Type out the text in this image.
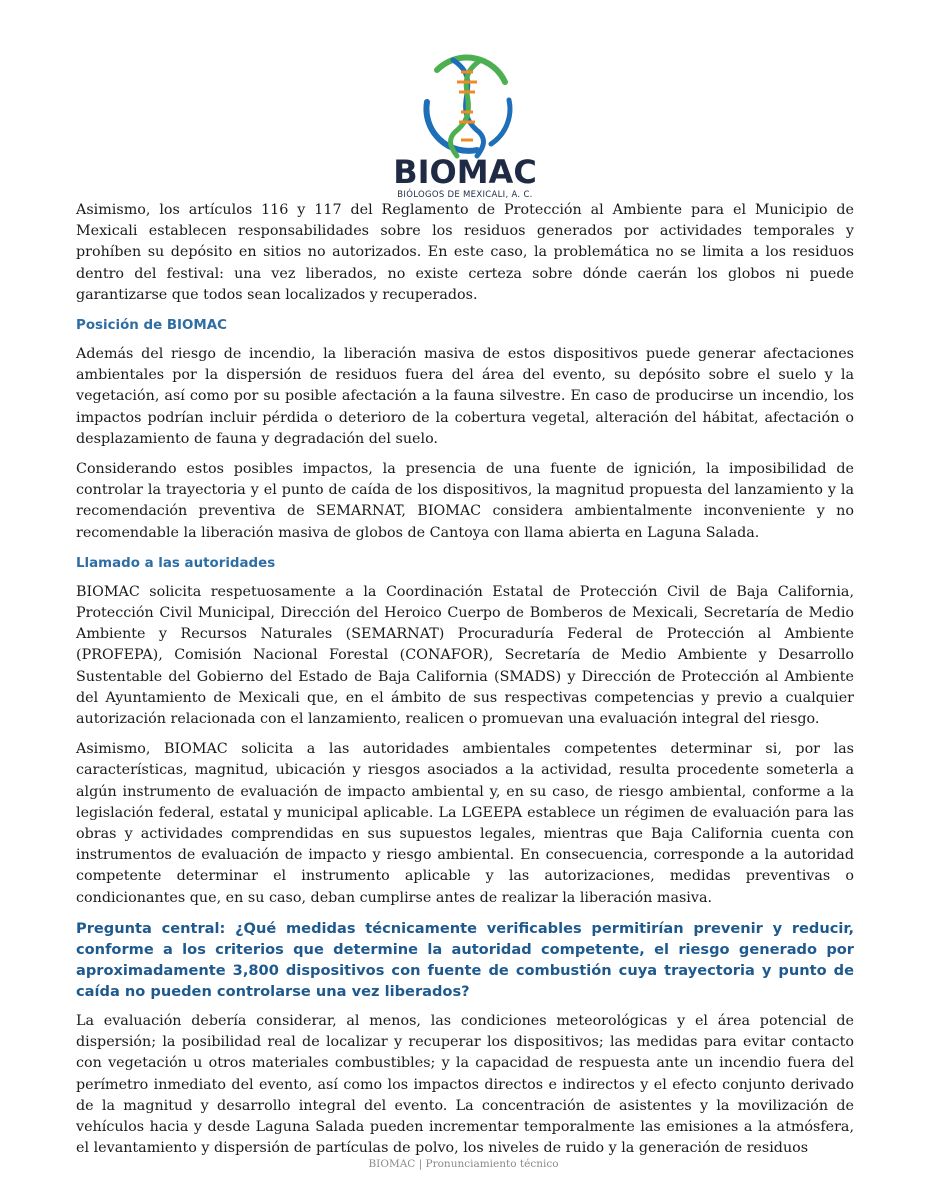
BIOMAC
BIÓLOGOS DE MEXICALI, A. C.

Asimismo, los artículos 116 y 117 del Reglamento de Protección al Ambiente para el Municipio de Mexicali establecen responsabilidades sobre los residuos generados por actividades temporales y prohíben su depósito en sitios no autorizados. En este caso, la problemática no se limita a los residuos dentro del festival: una vez liberados, no existe certeza sobre dónde caerán los globos ni puede garantizarse que todos sean localizados y recuperados.

Posición de BIOMAC

Además del riesgo de incendio, la liberación masiva de estos dispositivos puede generar afectaciones ambientales por la dispersión de residuos fuera del área del evento, su depósito sobre el suelo y la vegetación, así como por su posible afectación a la fauna silvestre. En caso de producirse un incendio, los impactos podrían incluir pérdida o deterioro de la cobertura vegetal, alteración del hábitat, afectación o desplazamiento de fauna y degradación del suelo.

Considerando estos posibles impactos, la presencia de una fuente de ignición, la imposibilidad de controlar la trayectoria y el punto de caída de los dispositivos, la magnitud propuesta del lanzamiento y la recomendación preventiva de SEMARNAT, BIOMAC considera ambientalmente inconveniente y no recomendable la liberación masiva de globos de Cantoya con llama abierta en Laguna Salada.

Llamado a las autoridades

BIOMAC solicita respetuosamente a la Coordinación Estatal de Protección Civil de Baja California, Protección Civil Municipal, Dirección del Heroico Cuerpo de Bomberos de Mexicali, Secretaría de Medio Ambiente y Recursos Naturales (SEMARNAT) Procuraduría Federal de Protección al Ambiente (PROFEPA), Comisión Nacional Forestal (CONAFOR), Secretaría de Medio Ambiente y Desarrollo Sustentable del Gobierno del Estado de Baja California (SMADS) y Dirección de Protección al Ambiente del Ayuntamiento de Mexicali que, en el ámbito de sus respectivas competencias y previo a cualquier autorización relacionada con el lanzamiento, realicen o promuevan una evaluación integral del riesgo.

Asimismo, BIOMAC solicita a las autoridades ambientales competentes determinar si, por las características, magnitud, ubicación y riesgos asociados a la actividad, resulta procedente someterla a algún instrumento de evaluación de impacto ambiental y, en su caso, de riesgo ambiental, conforme a la legislación federal, estatal y municipal aplicable. La LGEEPA establece un régimen de evaluación para las obras y actividades comprendidas en sus supuestos legales, mientras que Baja California cuenta con instrumentos de evaluación de impacto y riesgo ambiental. En consecuencia, corresponde a la autoridad competente determinar el instrumento aplicable y las autorizaciones, medidas preventivas o condicionantes que, en su caso, deban cumplirse antes de realizar la liberación masiva.

Pregunta central: ¿Qué medidas técnicamente verificables permitirían prevenir y reducir, conforme a los criterios que determine la autoridad competente, el riesgo generado por aproximadamente 3,800 dispositivos con fuente de combustión cuya trayectoria y punto de caída no pueden controlarse una vez liberados?

La evaluación debería considerar, al menos, las condiciones meteorológicas y el área potencial de dispersión; la posibilidad real de localizar y recuperar los dispositivos; las medidas para evitar contacto con vegetación u otros materiales combustibles; y la capacidad de respuesta ante un incendio fuera del perímetro inmediato del evento, así como los impactos directos e indirectos y el efecto conjunto derivado de la magnitud y desarrollo integral del evento. La concentración de asistentes y la movilización de vehículos hacia y desde Laguna Salada pueden incrementar temporalmente las emisiones a la atmósfera, el levantamiento y dispersión de partículas de polvo, los niveles de ruido y la generación de residuos

BIOMAC | Pronunciamiento técnico
